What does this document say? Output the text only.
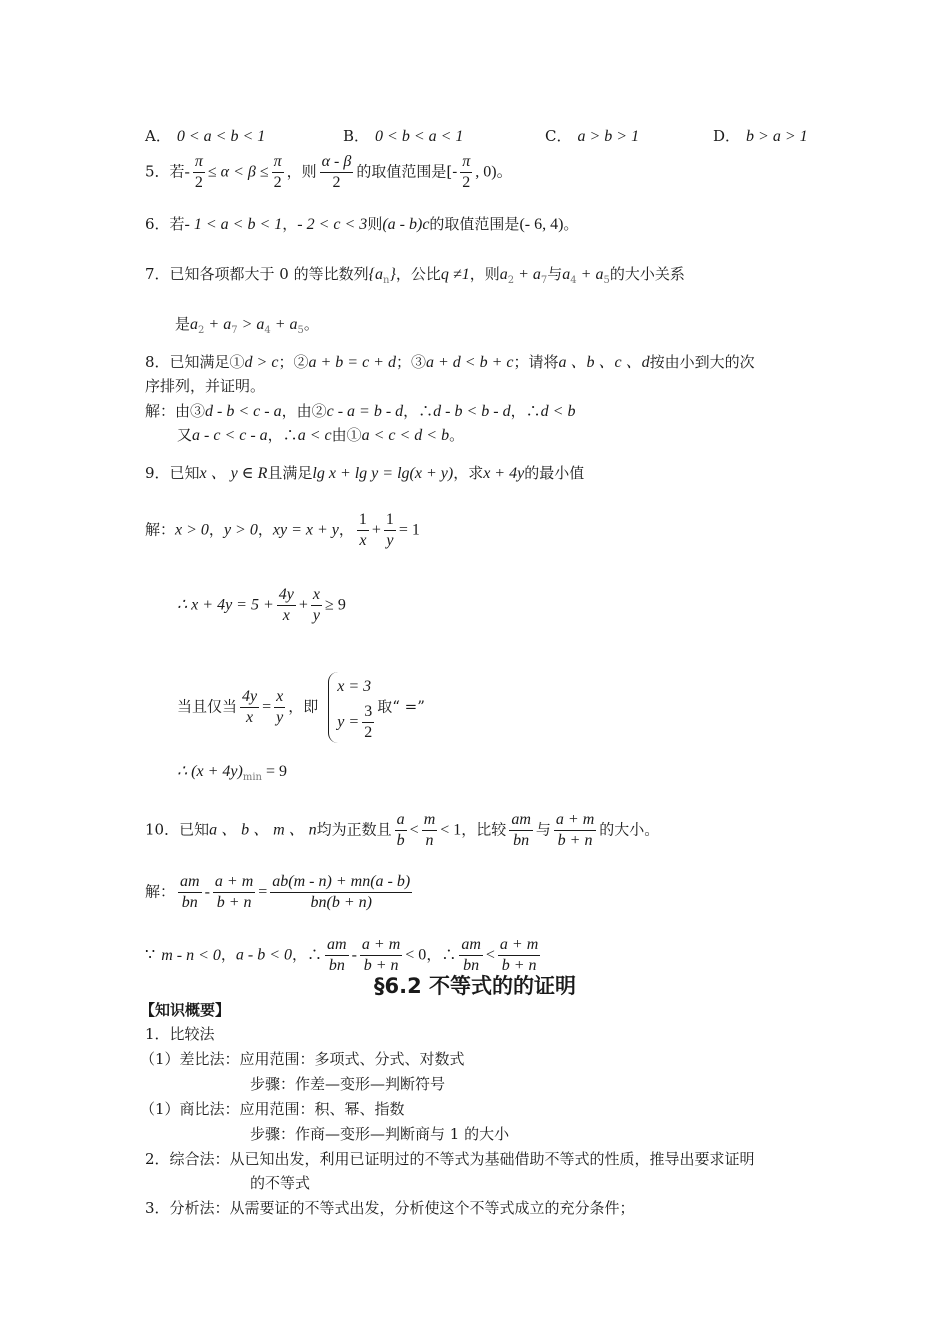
A． 0 < a < b < 1	B． 0 < b < a < 1	C． a > b > 1	D． b > a > 1
5．若- $\frac{\pi}{2} \le \alpha < \beta \le \frac{\pi}{2}$ ，则 $\frac{\alpha - \beta}{2}$ 的取值范围是[- $\frac{\pi}{2}$ , 0)。
6．若- 1 < a < b < 1，- 2 < c < 3则(a - b)c的取值范围是(- 6, 4)。
7．已知各项都大于 0 的等比数列$\{a_n\}$，公比q ≠1，则$a_2 + a_7$与$a_4 + a_5$的大小关系
是$a_2 + a_7 > a_4 + a_5$。
8．已知满足①d > c；②a + b = c + d；③a + d < b + c；请将a 、b 、c 、d按由小到大的次
序排列，并证明。
解：由③d - b < c - a，由②c - a = b - d，∴d - b < b - d，∴d < b
又a - c < c - a，∴a < c由①a < c < d < b。
9．已知x 、 y ∈ R且满足lg x + lg y = lg(x + y)，求x + 4y的最小值
解：x > 0，y > 0，xy = x + y， $\frac{1}{x} + \frac{1}{y} = 1$
∴ $x + 4y = 5 + \frac{4y}{x} + \frac{x}{y} \ge 9$
当且仅当 $\frac{4y}{x} = \frac{x}{y}$ ，即
x = 3
$y = \frac{3}{2}$ 取“ =”
∴ $(x + 4y)_{min} = 9$
10．已知a 、 b 、 m 、 n均为正数且 $\frac{a}{b} < \frac{m}{n} < 1$，比较 $\frac{am}{bn}$ 与 $\frac{a + m}{b + n}$ 的大小。
解： $\frac{am}{bn} - \frac{a + m}{b + n} = \frac{ab(m - n) + mn(a - b)}{bn(b + n)}$
∵ m - n < 0，a - b < 0，∴ $\frac{am}{bn} - \frac{a + m}{b + n} < 0$，∴ $\frac{am}{bn} < \frac{a + m}{b + n}$
§6.2 不等式的的证明
【知识概要】
1．比较法
（1）差比法：应用范围：多项式、分式、对数式
步骤：作差—变形—判断符号
（1）商比法：应用范围：积、幂、指数
步骤：作商—变形—判断商与 1 的大小
2．综合法：从已知出发，利用已证明过的不等式为基础借助不等式的性质，推导出要求证明
的不等式
3．分析法：从需要证的不等式出发，分析使这个不等式成立的充分条件；
